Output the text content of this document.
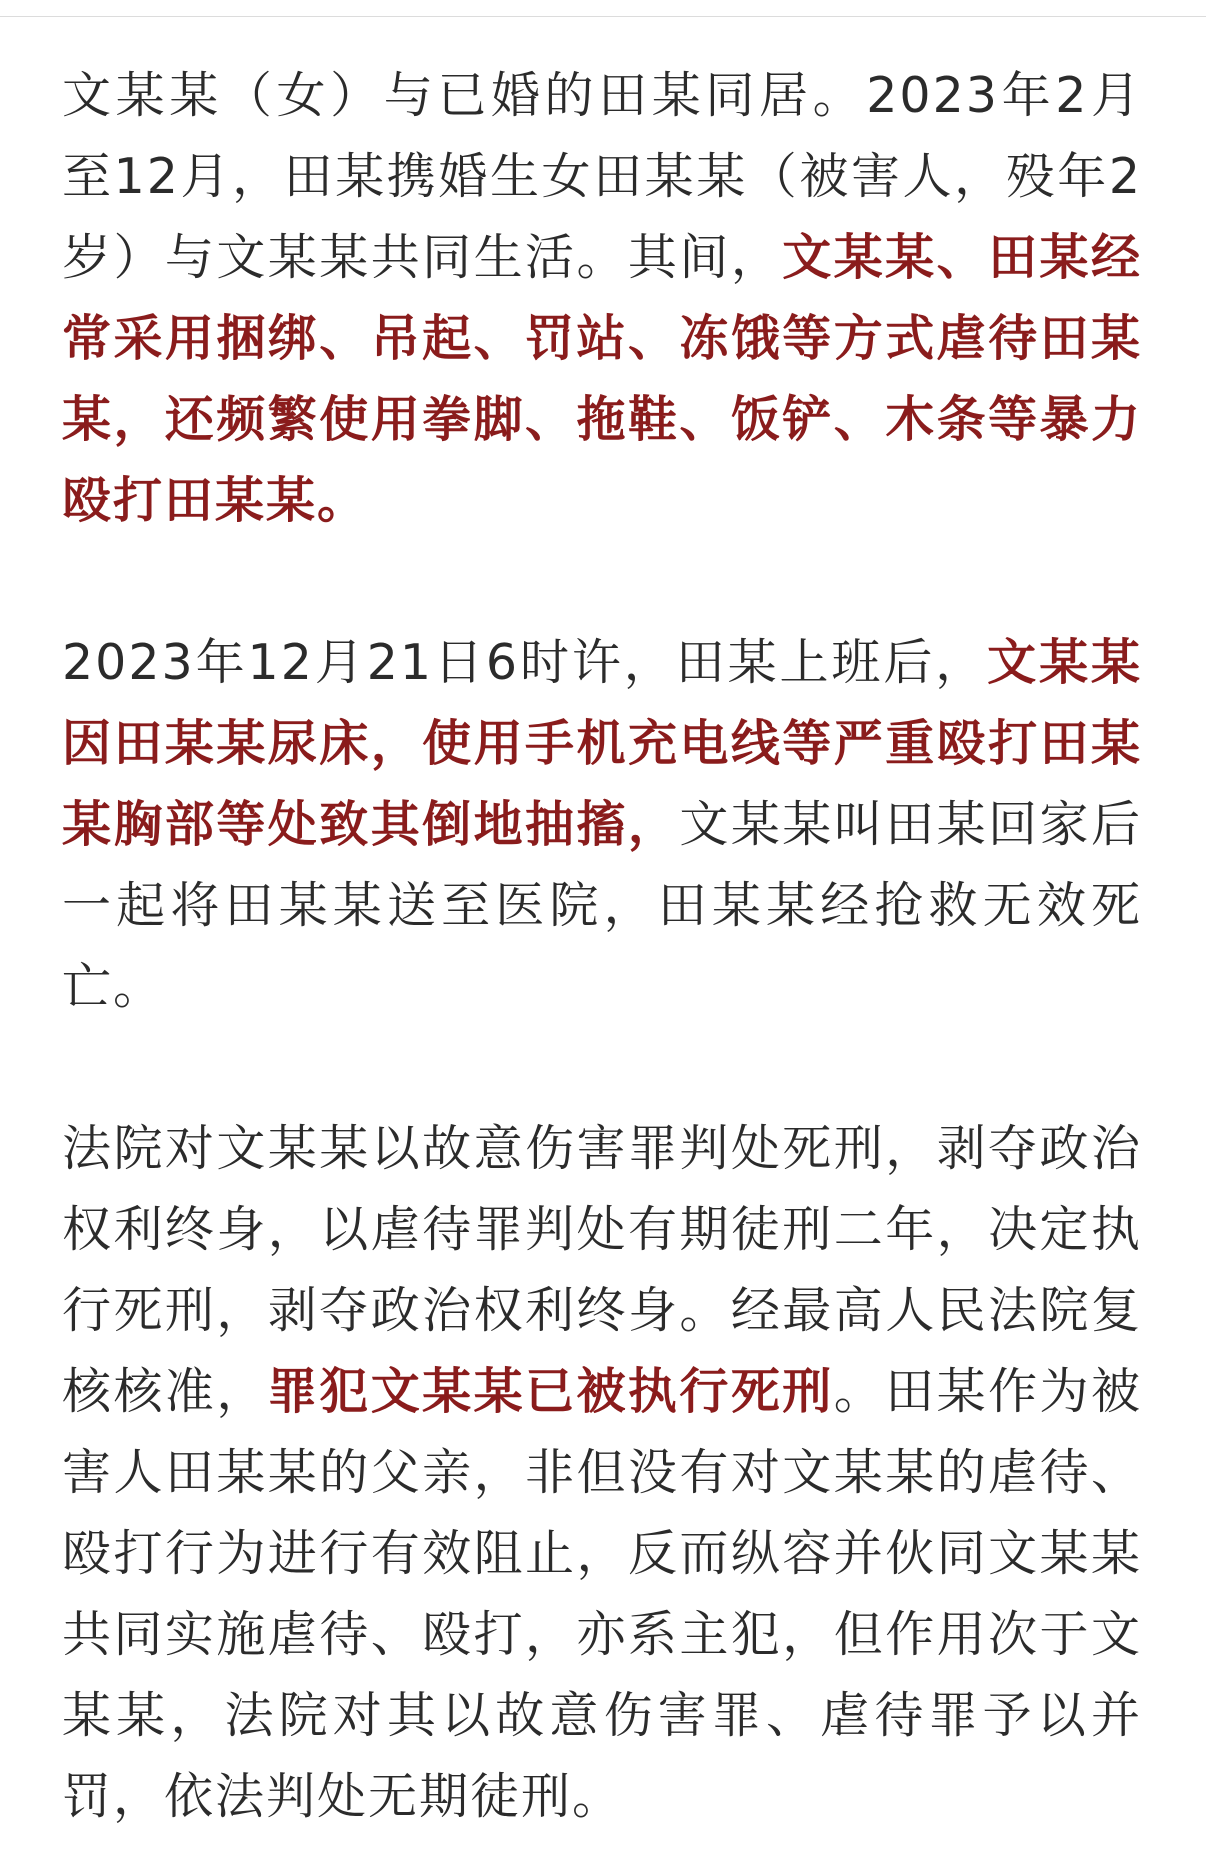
文某某（女）与已婚的田某同居。2023年2月至12月，田某携婚生女田某某（被害人，殁年2岁）与文某某共同生活。其间，文某某、田某经常采用捆绑、吊起、罚站、冻饿等方式虐待田某某，还频繁使用拳脚、拖鞋、饭铲、木条等暴力殴打田某某。

2023年12月21日6时许，田某上班后，文某某因田某某尿床，使用手机充电线等严重殴打田某某胸部等处致其倒地抽搐，文某某叫田某回家后一起将田某某送至医院，田某某经抢救无效死亡。

法院对文某某以故意伤害罪判处死刑，剥夺政治权利终身，以虐待罪判处有期徒刑二年，决定执行死刑，剥夺政治权利终身。经最高人民法院复核核准，罪犯文某某已被执行死刑。田某作为被害人田某某的父亲，非但没有对文某某的虐待、殴打行为进行有效阻止，反而纵容并伙同文某某共同实施虐待、殴打，亦系主犯，但作用次于文某某，法院对其以故意伤害罪、虐待罪予以并罚，依法判处无期徒刑。
